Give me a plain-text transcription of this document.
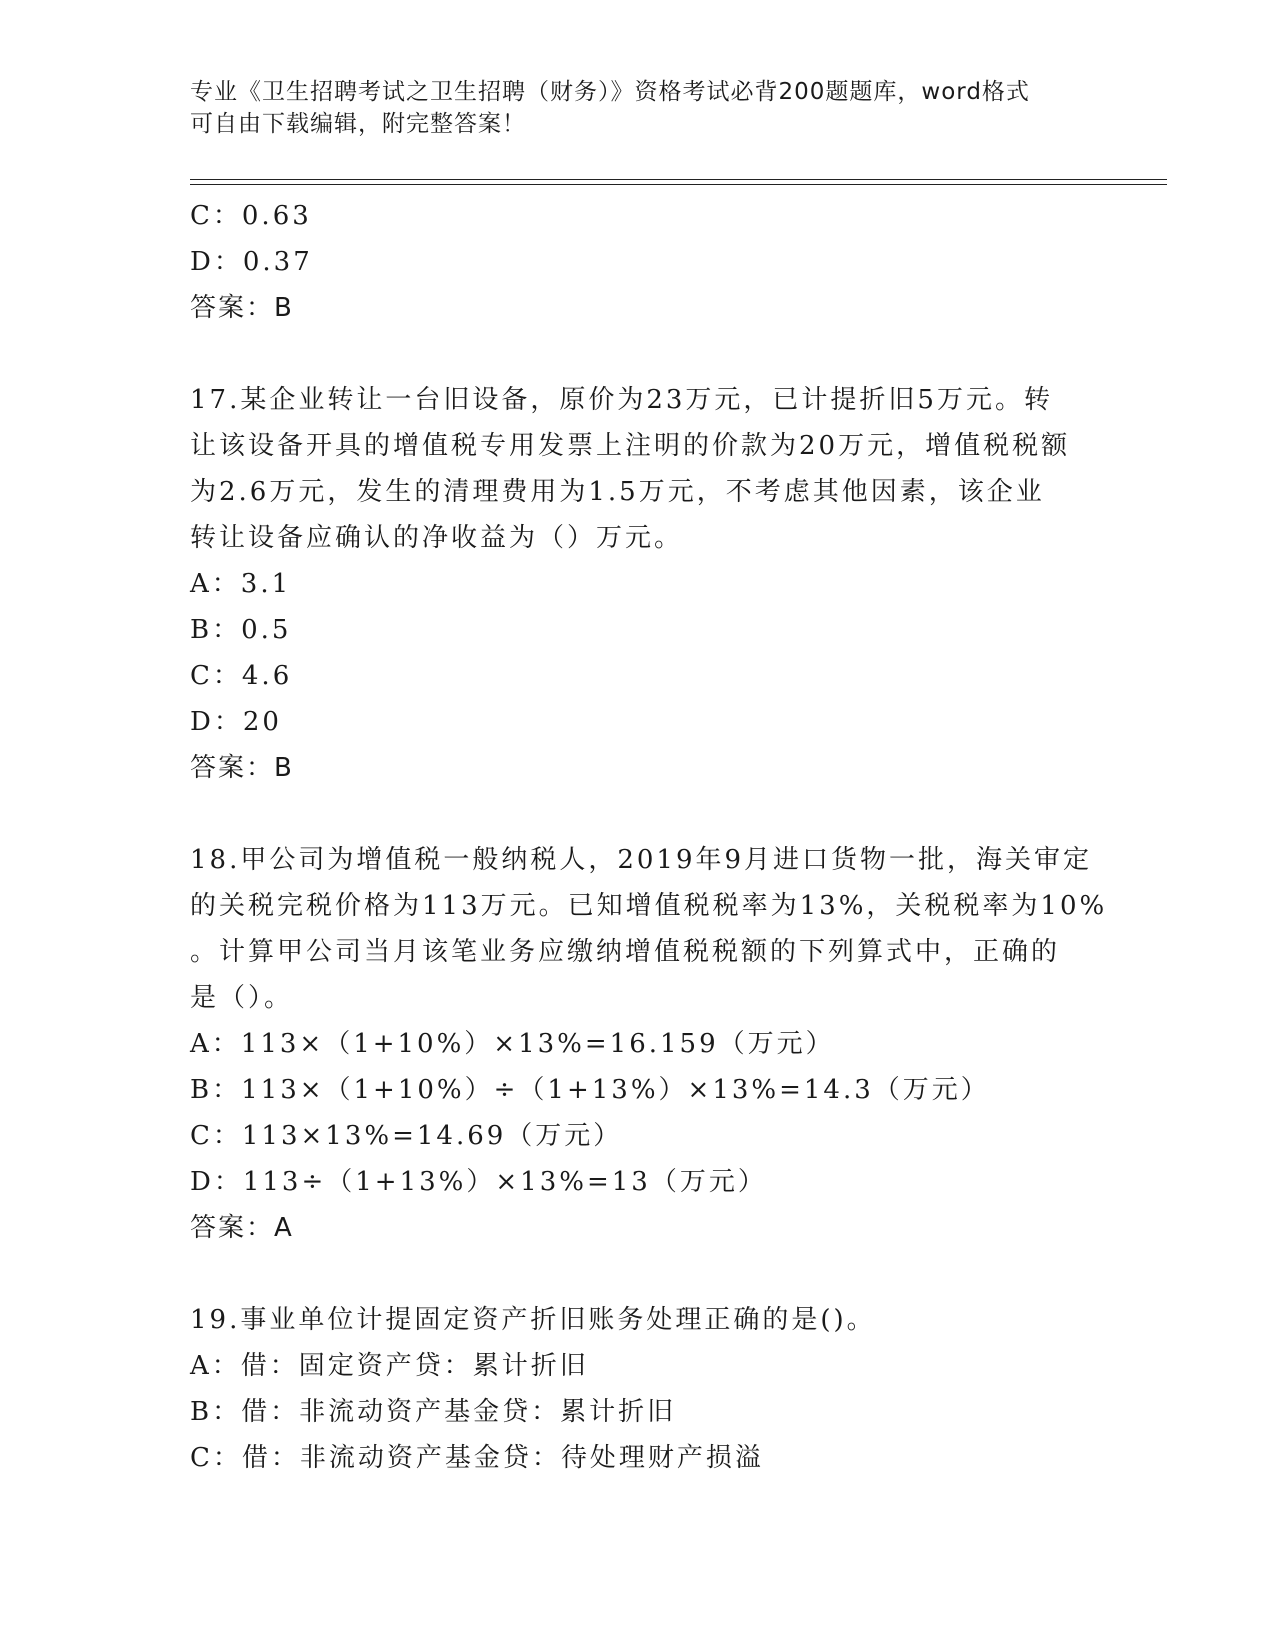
专业《卫生招聘考试之卫生招聘（财务）》资格考试必背200题题库，word格式
可自由下载编辑，附完整答案！
C：0.63
D：0.37
答案：B
17.某企业转让一台旧设备，原价为23万元，已计提折旧5万元。转
让该设备开具的增值税专用发票上注明的价款为20万元，增值税税额
为2.6万元，发生的清理费用为1.5万元，不考虑其他因素，该企业
转让设备应确认的净收益为（）万元。
A：3.1
B：0.5
C：4.6
D：20
答案：B
18.甲公司为增值税一般纳税人，2019年9月进口货物一批，海关审定
的关税完税价格为113万元。已知增值税税率为13%，关税税率为10%
。计算甲公司当月该笔业务应缴纳增值税税额的下列算式中，正确的
是（）。
A：113×（1+10%）×13%=16.159（万元）
B：113×（1+10%）÷（1+13%）×13%=14.3（万元）
C：113×13%=14.69（万元）
D：113÷（1+13%）×13%=13（万元）
答案：A
19.事业单位计提固定资产折旧账务处理正确的是()。
A：借：固定资产贷：累计折旧
B：借：非流动资产基金贷：累计折旧
C：借：非流动资产基金贷：待处理财产损溢
